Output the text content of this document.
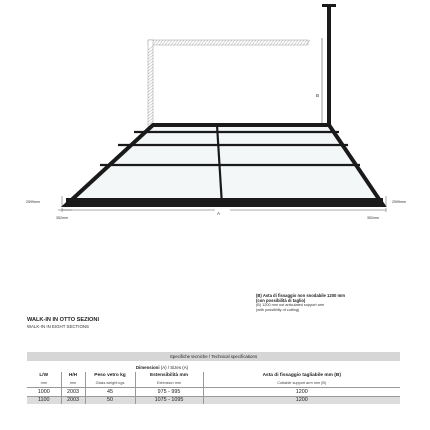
B
A
2599mm	2599mm
352mm	352mm
WALK-IN IN OTTO SEZIONI
WALK-IN IN EIGHT SECTIONS
(B) Asta di fissaggio non snodabile 1200 mm
(con possibilità di taglio)
(B) 1200 mm not articulated support arm
(with possibility of cutting)
Specifiche tecniche / Technical specifications
Dimensioni (A) / Sizes (A)
L/W	H/H	Peso vetro kg	Estensibilità mm	Asta di fissaggio tagliabile mm (B)
mm	mm	Glass weight kgs	Extension mm	Cuttable support arm mm (B)
1000	2003	45	975 - 995	1200
1100	2003	50	1075 - 1095	1200
